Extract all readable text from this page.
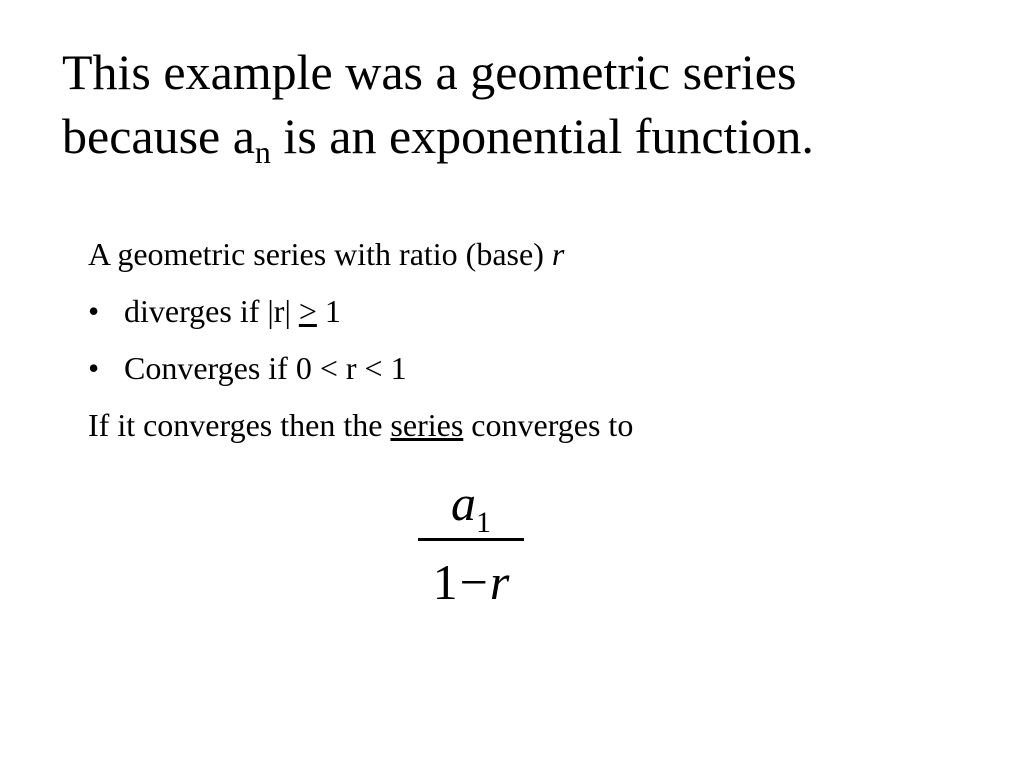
This example was a geometric series
because $a_n$ is an exponential function.
A geometric series with ratio (base) r
• diverges if |r| ≥ 1
• Converges if 0 < r < 1
If it converges then the series converges to
$a_1$
1−r
